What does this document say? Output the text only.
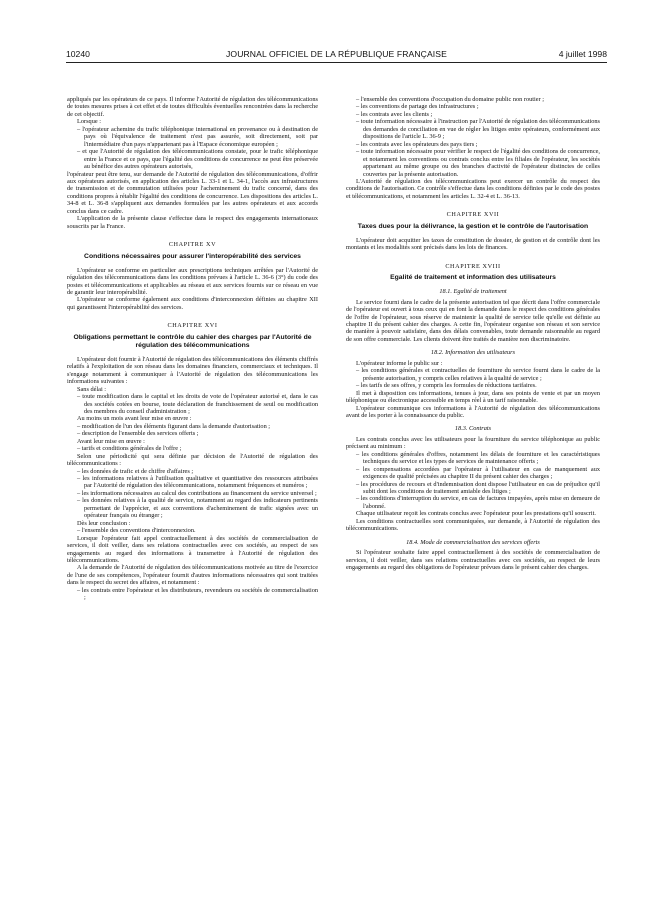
10240	JOURNAL OFFICIEL DE LA RÉPUBLIQUE FRANÇAISE	4 juillet 1998

appliqués par les opérateurs de ce pays. Il informe l'Autorité de régulation des télécommunications de toutes mesures prises à cet effet et de toutes difficultés éventuelles rencontrées dans la recherche de cet objectif.

Lorsque :

– l'opérateur achemine du trafic téléphonique international en provenance ou à destination de pays où l'équivalence de traitement n'est pas assurée, soit directement, soit par l'intermédiaire d'un pays n'appartenant pas à l'Espace économique européen ;

– et que l'Autorité de régulation des télécommunications constate, pour le trafic téléphonique entre la France et ce pays, que l'égalité des conditions de concurrence ne peut être préservée au bénéfice des autres opérateurs autorisés,

l'opérateur peut être tenu, sur demande de l'Autorité de régulation des télécommunications, d'offrir aux opérateurs autorisés, en application des articles L. 33-1 et L. 34-1, l'accès aux infrastructures de transmission et de commutation utilisées pour l'acheminement du trafic concerné, dans des conditions propres à rétablir l'égalité des conditions de concurrence. Les dispositions des articles L. 34-8 et L. 36-8 s'appliquent aux demandes formulées par les autres opérateurs et aux accords conclus dans ce cadre.

L'application de la présente clause s'effectue dans le respect des engagements internationaux souscrits par la France.

CHAPITRE XV
Conditions nécessaires pour assurer l'interopérabilité des services

L'opérateur se conforme en particulier aux prescriptions techniques arrêtées par l'Autorité de régulation des télécommunications dans les conditions prévues à l'article L. 36-6 (3°) du code des postes et télécommunications et applicables au réseau et aux services fournis sur ce réseau en vue de garantir leur interopérabilité.

L'opérateur se conforme également aux conditions d'interconnexion définies au chapitre XII qui garantissent l'interopérabilité des services.

CHAPITRE XVI
Obligations permettant le contrôle du cahier des charges par l'Autorité de régulation des télécommunications

L'opérateur doit fournir à l'Autorité de régulation des télécommunications des éléments chiffrés relatifs à l'exploitation de son réseau dans les domaines financiers, commerciaux et techniques. Il s'engage notamment à communiquer à l'Autorité de régulation des télécommunications les informations suivantes :

Sans délai :

– toute modification dans le capital et les droits de vote de l'opérateur autorisé et, dans le cas des sociétés cotées en bourse, toute déclaration de franchissement de seuil ou modification des membres du conseil d'administration ;

Au moins un mois avant leur mise en œuvre :

– modification de l'un des éléments figurant dans la demande d'autorisation ;

– description de l'ensemble des services offerts ;

Avant leur mise en œuvre :

– tarifs et conditions générales de l'offre ;

Selon une périodicité qui sera définie par décision de l'Autorité de régulation des télécommunications :

– les données de trafic et de chiffre d'affaires ;

– les informations relatives à l'utilisation qualitative et quantitative des ressources attribuées par l'Autorité de régulation des télécommunications, notamment fréquences et numéros ;

– les informations nécessaires au calcul des contributions au financement du service universel ;

– les données relatives à la qualité de service, notamment au regard des indicateurs pertinents permettant de l'apprécier, et aux conventions d'acheminement de trafic signées avec un opérateur français ou étranger ;

Dès leur conclusion :

– l'ensemble des conventions d'interconnexion.

Lorsque l'opérateur fait appel contractuellement à des sociétés de commercialisation de services, il doit veiller, dans ses relations contractuelles avec ces sociétés, au respect de ses engagements au regard des informations à transmettre à l'Autorité de régulation des télécommunications.

A la demande de l'Autorité de régulation des télécommunications motivée au titre de l'exercice de l'une de ses compétences, l'opérateur fournit d'autres informations nécessaires qui sont traitées dans le respect du secret des affaires, et notamment :

– les contrats entre l'opérateur et les distributeurs, revendeurs ou sociétés de commercialisation ;

– l'ensemble des conventions d'occupation du domaine public non routier ;

– les conventions de partage des infrastructures ;

– les contrats avec les clients ;

– toute information nécessaire à l'instruction par l'Autorité de régulation des télécommunications des demandes de conciliation en vue de régler les litiges entre opérateurs, conformément aux dispositions de l'article L. 36-9 ;

– les contrats avec les opérateurs des pays tiers ;

– toute information nécessaire pour vérifier le respect de l'égalité des conditions de concurrence, et notamment les conventions ou contrats conclus entre les filiales de l'opérateur, les sociétés appartenant au même groupe ou des branches d'activité de l'opérateur distinctes de celles couvertes par la présente autorisation.

L'Autorité de régulation des télécommunications peut exercer un contrôle du respect des conditions de l'autorisation. Ce contrôle s'effectue dans les conditions définies par le code des postes et télécommunications, et notamment les articles L. 32-4 et L. 36-13.

CHAPITRE XVII
Taxes dues pour la délivrance, la gestion et le contrôle de l'autorisation

L'opérateur doit acquitter les taxes de constitution de dossier, de gestion et de contrôle dont les montants et les modalités sont précisés dans les lois de finances.

CHAPITRE XVIII
Egalité de traitement et information des utilisateurs
18.1. Egalité de traitement

Le service fourni dans le cadre de la présente autorisation tel que décrit dans l'offre commerciale de l'opérateur est ouvert à tous ceux qui en font la demande dans le respect des conditions générales de l'offre de l'opérateur, sous réserve de maintenir la qualité de service telle qu'elle est définie au chapitre II du présent cahier des charges. A cette fin, l'opérateur organise son réseau et son service de manière à pouvoir satisfaire, dans des délais convenables, toute demande raisonnable au regard de son offre commerciale. Les clients doivent être traités de manière non discriminatoire.

18.2. Information des utilisateurs

L'opérateur informe le public sur :

– les conditions générales et contractuelles de fourniture du service fourni dans le cadre de la présente autorisation, y compris celles relatives à la qualité de service ;

– les tarifs de ses offres, y compris les formules de réductions tarifaires.

Il met à disposition ces informations, tenues à jour, dans ses points de vente et par un moyen téléphonique ou électronique accessible en temps réel à un tarif raisonnable.

L'opérateur communique ces informations à l'Autorité de régulation des télécommunications avant de les porter à la connaissance du public.

18.3. Contrats

Les contrats conclus avec les utilisateurs pour la fourniture du service téléphonique au public précisent au minimum :

– les conditions générales d'offres, notamment les délais de fourniture et les caractéristiques techniques du service et les types de services de maintenance offerts ;

– les compensations accordées par l'opérateur à l'utilisateur en cas de manquement aux exigences de qualité précisées au chapitre II du présent cahier des charges ;

– les procédures de recours et d'indemnisation dont dispose l'utilisateur en cas de préjudice qu'il subit dont les conditions de traitement amiable des litiges ;

– les conditions d'interruption du service, en cas de factures impayées, après mise en demeure de l'abonné.

Chaque utilisateur reçoit les contrats conclus avec l'opérateur pour les prestations qu'il souscrit.

Les conditions contractuelles sont communiquées, sur demande, à l'Autorité de régulation des télécommunications.

18.4. Mode de commercialisation des services offerts

Si l'opérateur souhaite faire appel contractuellement à des sociétés de commercialisation de services, il doit veiller, dans ses relations contractuelles avec ces sociétés, au respect de leurs engagements au regard des obligations de l'opérateur prévues dans le présent cahier des charges.
